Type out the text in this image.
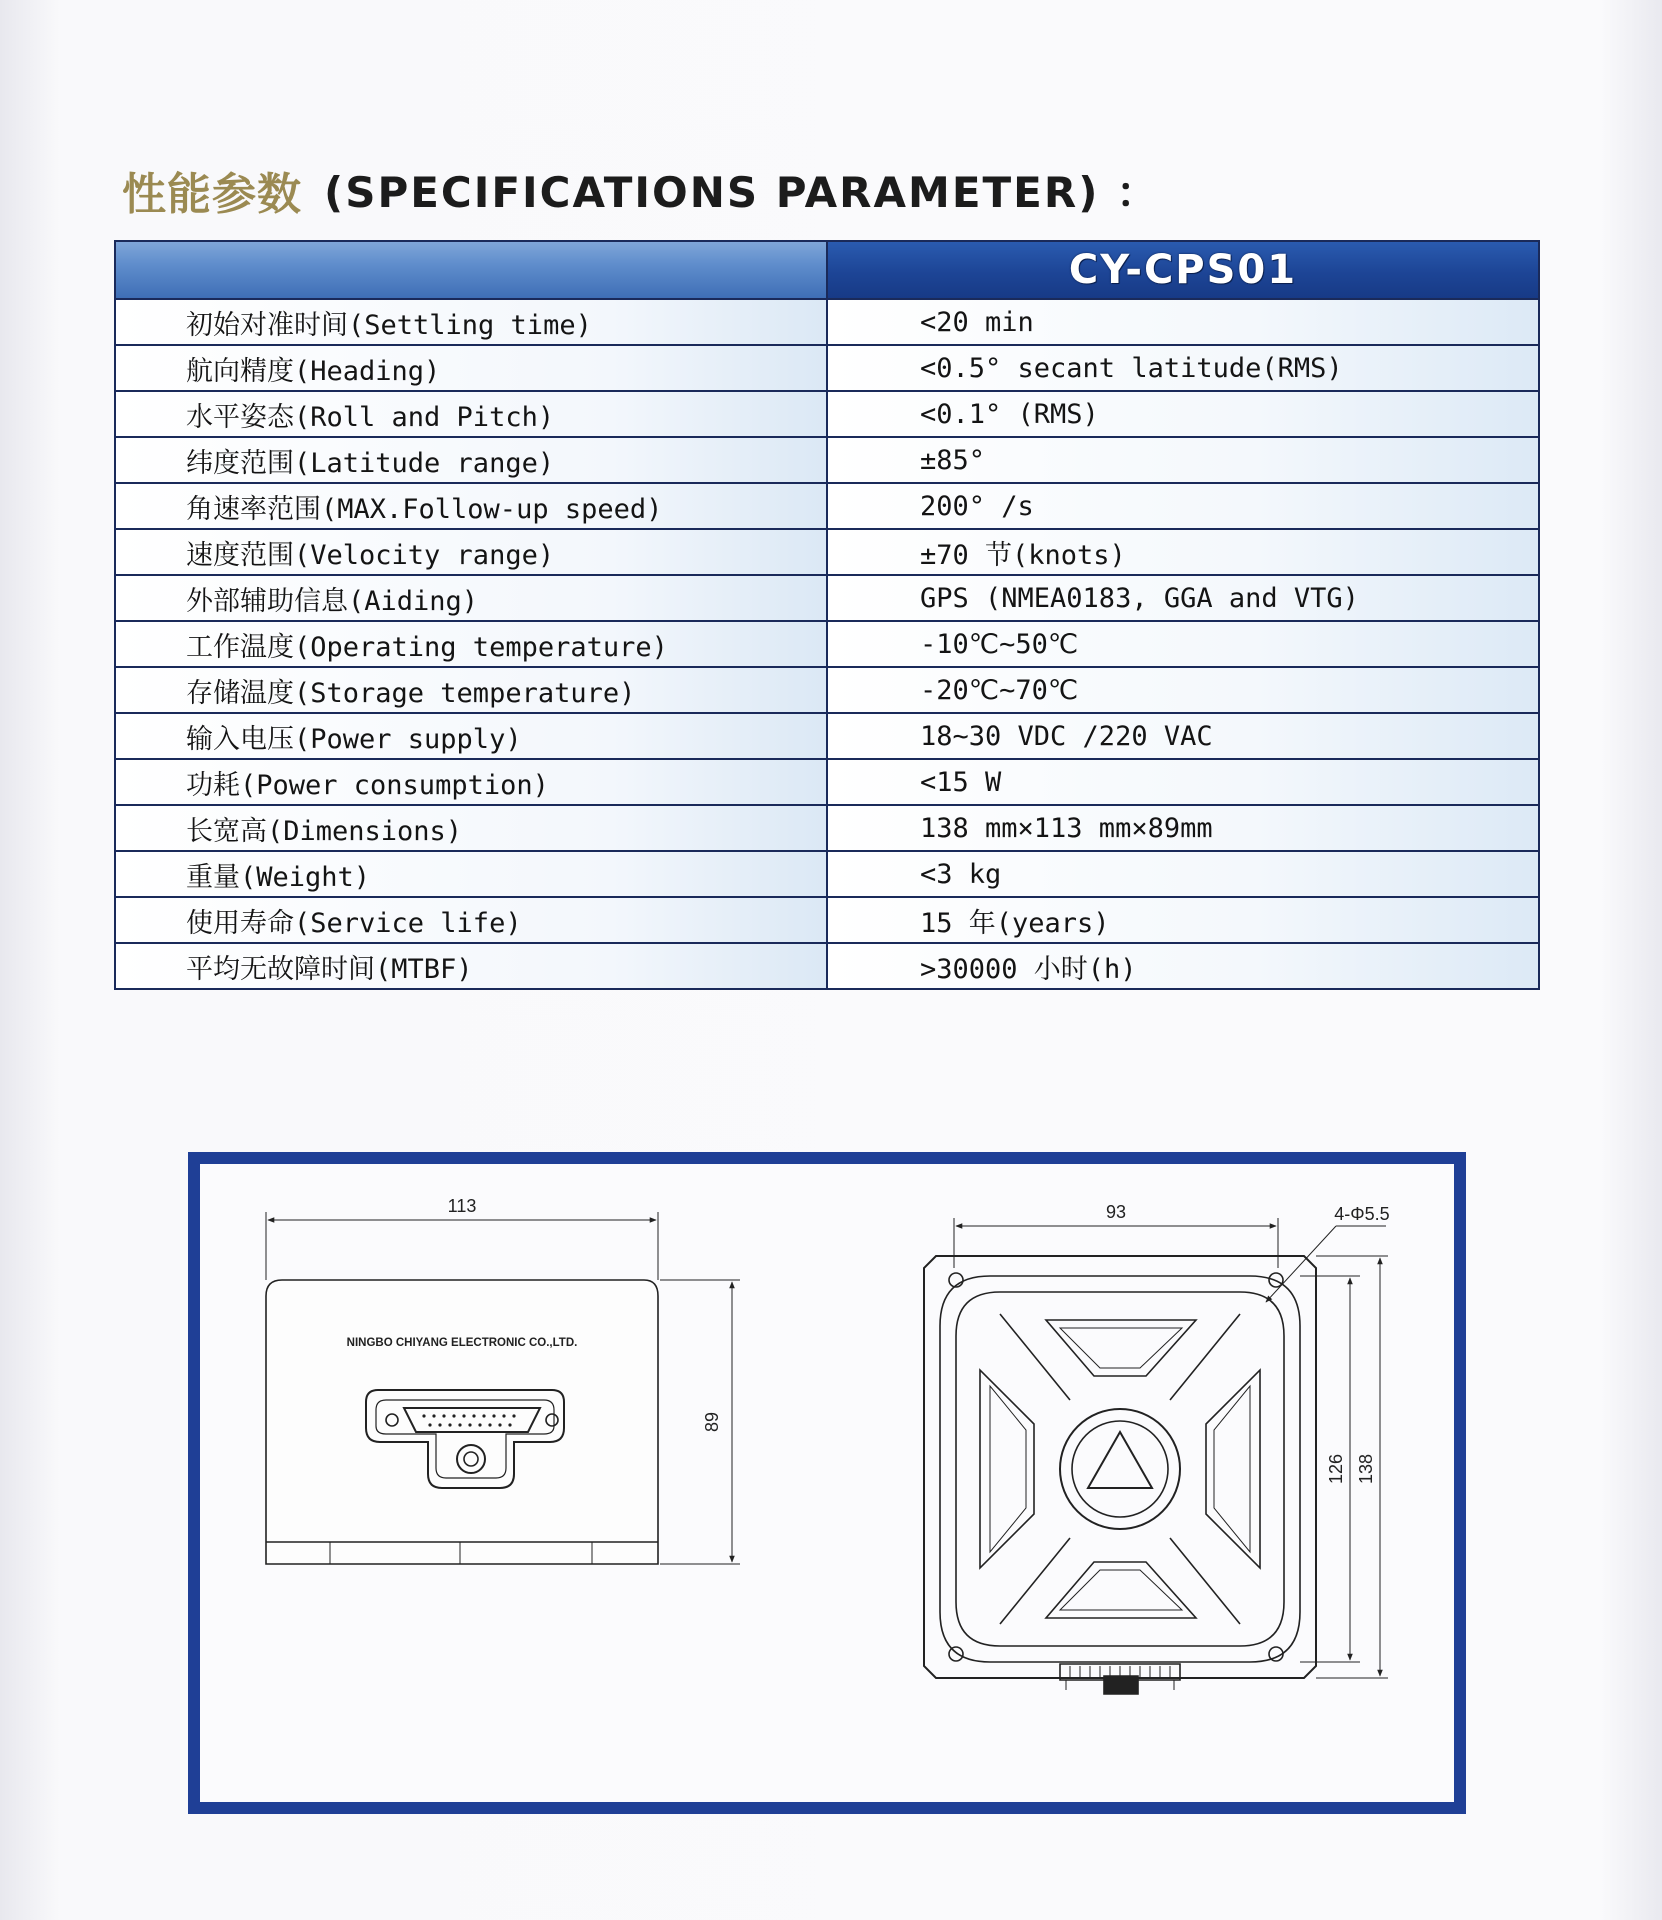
性能参数 (SPECIFICATIONS PARAMETER) ：

	CY-CPS01

初始对准时间(Settling time)	<20 min
航向精度(Heading)	<0.5° secant latitude(RMS)
水平姿态(Roll and Pitch)	<0.1° (RMS)
纬度范围(Latitude range)	±85°
角速率范围(MAX.Follow-up speed)	200° /s
速度范围(Velocity range)	±70 节(knots)
外部辅助信息(Aiding)	GPS (NMEA0183, GGA and VTG)
工作温度(Operating temperature)	-10℃~50℃
存储温度(Storage temperature)	-20℃~70℃
输入电压(Power supply)	18~30 VDC /220 VAC
功耗(Power consumption)	<15 W
长宽高(Dimensions)	138 mm×113 mm×89mm
重量(Weight)	<3 kg
使用寿命(Service life)	15 年(years)
平均无故障时间(MTBF)	>30000 小时(h)
113
NINGBO CHIYANG ELECTRONIC CO.,LTD.
89
93	4-Φ5.5
126 138
